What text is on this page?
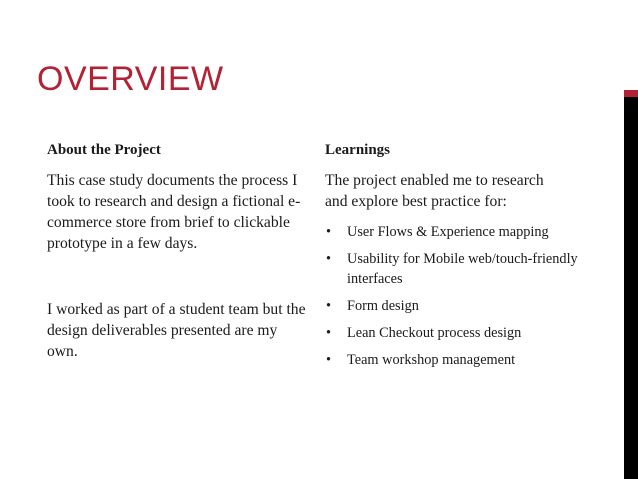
OVERVIEW

About the Project

This case study documents the process I took to research and design a fictional e-commerce store from brief to clickable prototype in a few days.

I worked as part of a student team but the design deliverables presented are my own.

Learnings

The project enabled me to research and explore best practice for:

• User Flows & Experience mapping
• Usability for Mobile web/touch-friendly interfaces
• Form design
• Lean Checkout process design
• Team workshop management
